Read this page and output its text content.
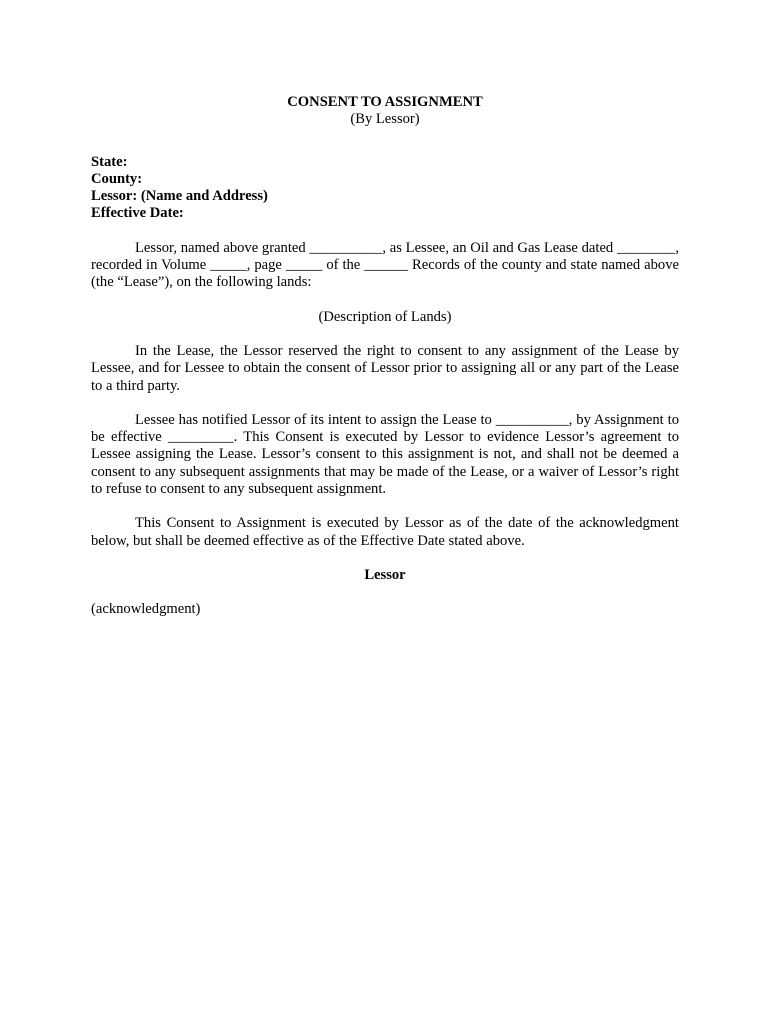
CONSENT TO ASSIGNMENT
(By Lessor)
State:
County:
Lessor: (Name and Address)
Effective Date:

Lessor, named above granted __________, as Lessee, an Oil and Gas Lease dated ________, recorded in Volume _____, page _____ of the ______ Records of the county and state named above (the “Lease”), on the following lands:

(Description of Lands)

In the Lease, the Lessor reserved the right to consent to any assignment of the Lease by Lessee, and for Lessee to obtain the consent of Lessor prior to assigning all or any part of the Lease to a third party.

Lessee has notified Lessor of its intent to assign the Lease to __________, by Assignment to be effective _________. This Consent is executed by Lessor to evidence Lessor’s agreement to Lessee assigning the Lease. Lessor’s consent to this assignment is not, and shall not be deemed a consent to any subsequent assignments that may be made of the Lease, or a waiver of Lessor’s right to refuse to consent to any subsequent assignment.

This Consent to Assignment is executed by Lessor as of the date of the acknowledgment below, but shall be deemed effective as of the Effective Date stated above.

Lessor

(acknowledgment)
